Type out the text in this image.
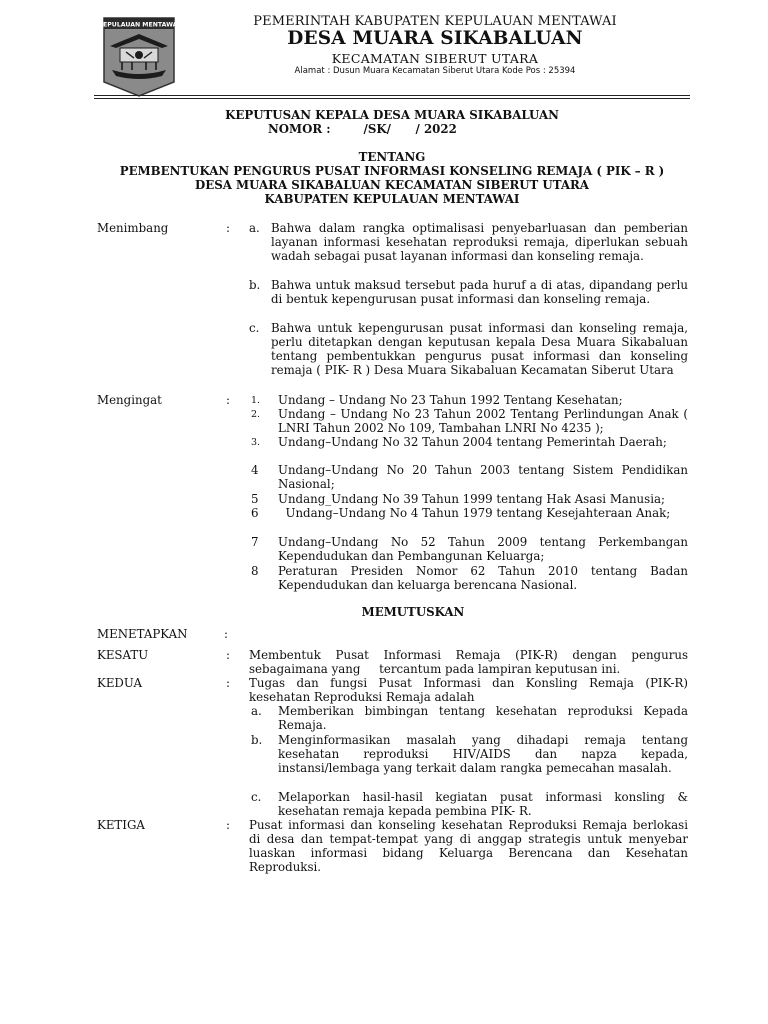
KEPULAUAN MENTAWAI	PEMERINTAH KABUPATEN KEPULAUAN MENTAWAI
DESA MUARA SIKABALUAN
KECAMATAN SIBERUT UTARA
Alamat : Dusun Muara Kecamatan Siberut Utara Kode Pos : 25394
KEPUTUSAN KEPALA DESA MUARA SIKABALUAN
NOMOR :        /SK/      / 2022
TENTANG
PEMBENTUKAN PENGURUS PUSAT INFORMASI KONSELING REMAJA ( PIK – R )
DESA MUARA SIKABALUAN KECAMATAN SIBERUT UTARA
KABUPATEN KEPULAUAN MENTAWAI
Menimbang	: a. Bahwa dalam rangka optimalisasi penyebarluasan dan pemberian layanan informasi kesehatan reproduksi remaja, diperlukan sebuah wadah sebagai pusat layanan informasi dan konseling remaja.
b. Bahwa untuk maksud tersebut pada huruf a di atas, dipandang perlu di bentuk kepengurusan pusat informasi dan konseling remaja.
c. Bahwa untuk kepengurusan pusat informasi dan konseling remaja, perlu ditetapkan dengan keputusan kepala Desa Muara Sikabaluan tentang pembentukkan pengurus pusat informasi dan konseling remaja ( PIK- R ) Desa Muara Sikabaluan Kecamatan Siberut Utara
Mengingat	: 1. Undang – Undang No 23 Tahun 1992 Tentang Kesehatan;
2. Undang – Undang No 23 Tahun 2002 Tentang Perlindungan Anak ( LNRI Tahun 2002 No 109, Tambahan LNRI No 4235 );
3. Undang–Undang No 32 Tahun 2004 tentang Pemerintah Daerah;
4 Undang–Undang No 20 Tahun 2003 tentang Sistem Pendidikan Nasional;
5 Undang_Undang No 39 Tahun 1999 tentang Hak Asasi Manusia;
6 Undang–Undang No 4 Tahun 1979 tentang Kesejahteraan Anak;
7 Undang–Undang No 52 Tahun 2009 tentang Perkembangan Kependudukan dan Pembangunan Keluarga;
8 Peraturan Presiden Nomor 62 Tahun 2010 tentang Badan Kependudukan dan keluarga berencana Nasional.
MEMUTUSKAN
MENETAPKAN	:
KESATU	: Membentuk Pusat Informasi Remaja (PIK-R) dengan pengurus sebagaimana yang     tercantum pada lampiran keputusan ini.
KEDUA	: Tugas dan fungsi Pusat Informasi dan Konsling Remaja (PIK-R) kesehatan Reproduksi Remaja adalah
a. Memberikan bimbingan tentang kesehatan reproduksi Kepada Remaja.
b. Menginformasikan masalah yang dihadapi remaja tentang kesehatan reproduksi HIV/AIDS dan napza kepada, instansi/lembaga yang terkait dalam rangka pemecahan masalah.
c. Melaporkan hasil-hasil kegiatan pusat informasi konsling & kesehatan remaja kepada pembina PIK- R.
KETIGA	: Pusat informasi dan konseling kesehatan Reproduksi Remaja berlokasi di desa dan tempat-tempat yang di anggap strategis untuk menyebar luaskan informasi bidang Keluarga Berencana dan Kesehatan Reproduksi.
